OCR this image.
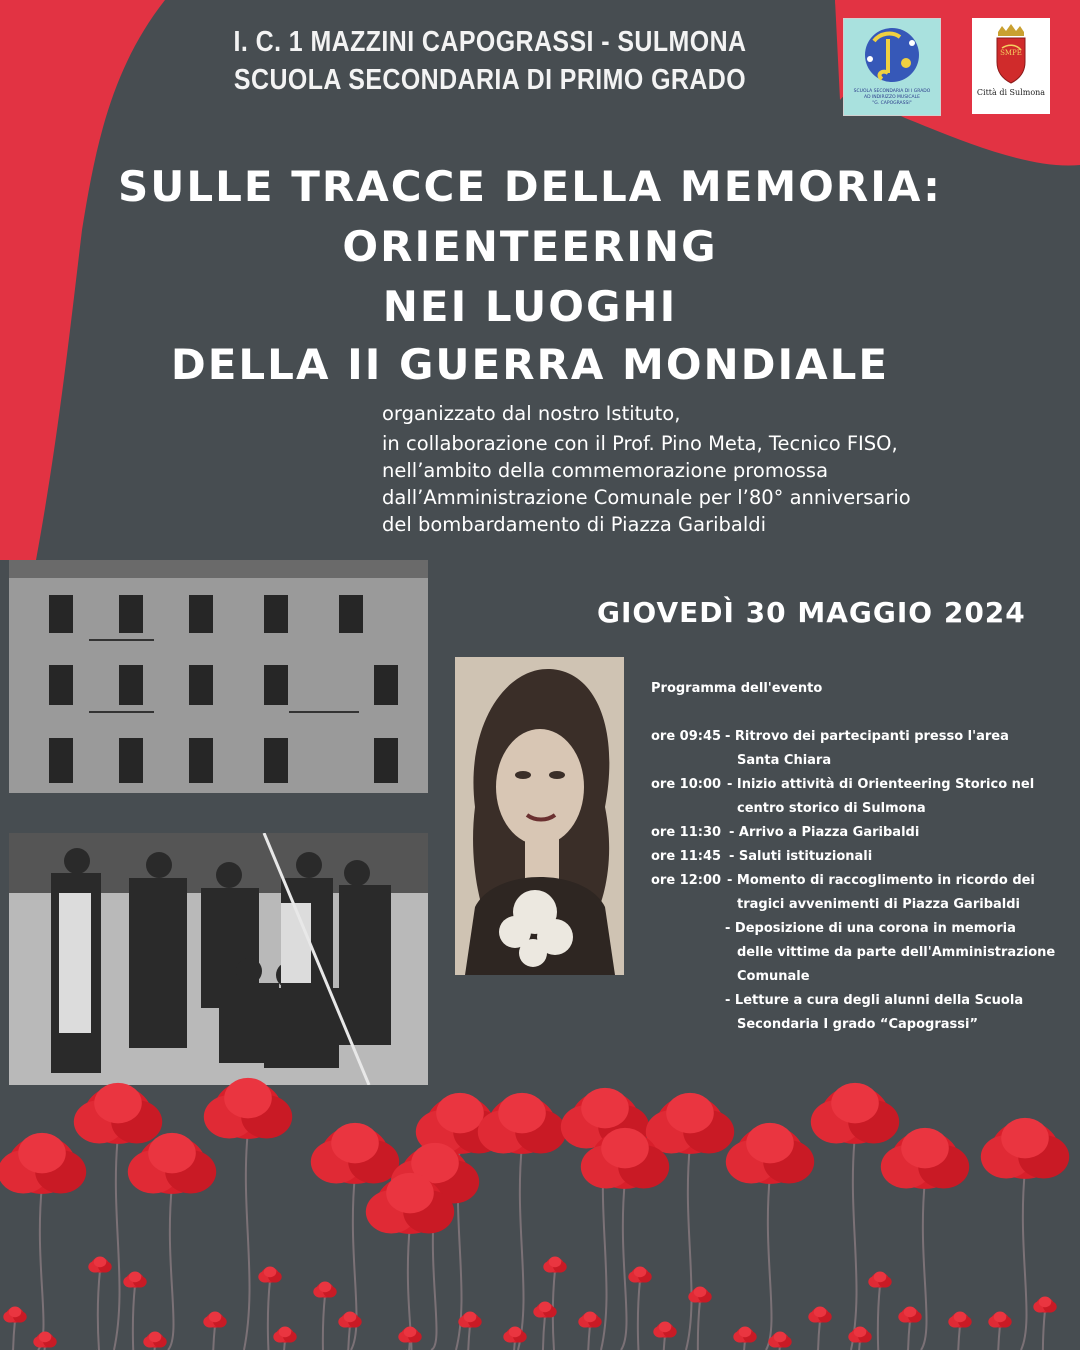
I. C. 1 MAZZINI CAPOGRASSI - SULMONA
SCUOLA SECONDARIA DI PRIMO GRADO	SCUOLA SECONDARIA DI I GRADO
AD INDIRIZZO MUSICALE
"G. CAPOGRASSI"
SMPE
Città di Sulmona
SULLE TRACCE DELLA MEMORIA:
ORIENTEERING
NEI LUOGHI
DELLA II GUERRA MONDIALE
organizzato dal nostro Istituto,
in collaborazione con il Prof. Pino Meta, Tecnico FISO,
nell’ambito della commemorazione promossa
dall’Amministrazione Comunale per l’80° anniversario
del bombardamento di Piazza Garibaldi
GIOVEDÌ 30 MAGGIO 2024
Programma dell'evento
ore 09:45 - Ritrovo dei partecipanti presso l'area
Santa Chiara
ore 10:00 - Inizio attività di Orienteering Storico nel
centro storico di Sulmona
ore 11:30 - Arrivo a Piazza Garibaldi
ore 11:45 - Saluti istituzionali
ore 12:00 - Momento di raccoglimento in ricordo dei
tragici avvenimenti di Piazza Garibaldi
- Deposizione di una corona in memoria
delle vittime da parte dell'Amministrazione
Comunale
- Letture a cura degli alunni della Scuola
Secondaria I grado “Capograssi”
